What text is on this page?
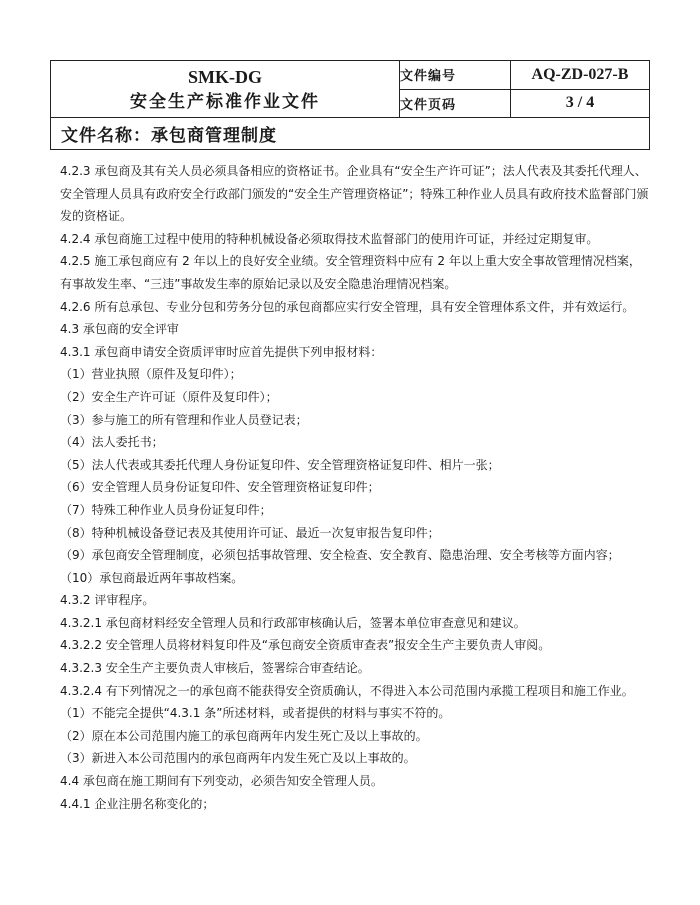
SMK-DG
安全生产标准作业文件	文件编号	AQ-ZD-027-B
	文件页码	3 / 4
文件名称：承包商管理制度		

4.2.3 承包商及其有关人员必须具备相应的资格证书。企业具有“安全生产许可证”；法人代表及其委托代理人、安全管理人员具有政府安全行政部门颁发的“安全生产管理资格证”；特殊工种作业人员具有政府技术监督部门颁发的资格证。

4.2.4 承包商施工过程中使用的特种机械设备必须取得技术监督部门的使用许可证，并经过定期复审。

4.2.5 施工承包商应有 2 年以上的良好安全业绩。安全管理资料中应有 2 年以上重大安全事故管理情况档案，有事故发生率、“三违”事故发生率的原始记录以及安全隐患治理情况档案。

4.2.6 所有总承包、专业分包和劳务分包的承包商都应实行安全管理，具有安全管理体系文件，并有效运行。

4.3 承包商的安全评审

4.3.1 承包商申请安全资质评审时应首先提供下列申报材料：

（1）营业执照（原件及复印件）；

（2）安全生产许可证（原件及复印件）；

（3）参与施工的所有管理和作业人员登记表；

（4）法人委托书；

（5）法人代表或其委托代理人身份证复印件、安全管理资格证复印件、相片一张；

（6）安全管理人员身份证复印件、安全管理资格证复印件；

（7）特殊工种作业人员身份证复印件；

（8）特种机械设备登记表及其使用许可证、最近一次复审报告复印件；

（9）承包商安全管理制度，必须包括事故管理、安全检查、安全教育、隐患治理、安全考核等方面内容；

（10）承包商最近两年事故档案。

4.3.2 评审程序。

4.3.2.1 承包商材料经安全管理人员和行政部审核确认后，签署本单位审查意见和建议。

4.3.2.2 安全管理人员将材料复印件及“承包商安全资质审查表”报安全生产主要负责人审阅。

4.3.2.3 安全生产主要负责人审核后，签署综合审查结论。

4.3.2.4 有下列情况之一的承包商不能获得安全资质确认，不得进入本公司范围内承揽工程项目和施工作业。

（1）不能完全提供“4.3.1 条”所述材料，或者提供的材料与事实不符的。

（2）原在本公司范围内施工的承包商两年内发生死亡及以上事故的。

（3）新进入本公司范围内的承包商两年内发生死亡及以上事故的。

4.4 承包商在施工期间有下列变动，必须告知安全管理人员。

4.4.1 企业注册名称变化的；
